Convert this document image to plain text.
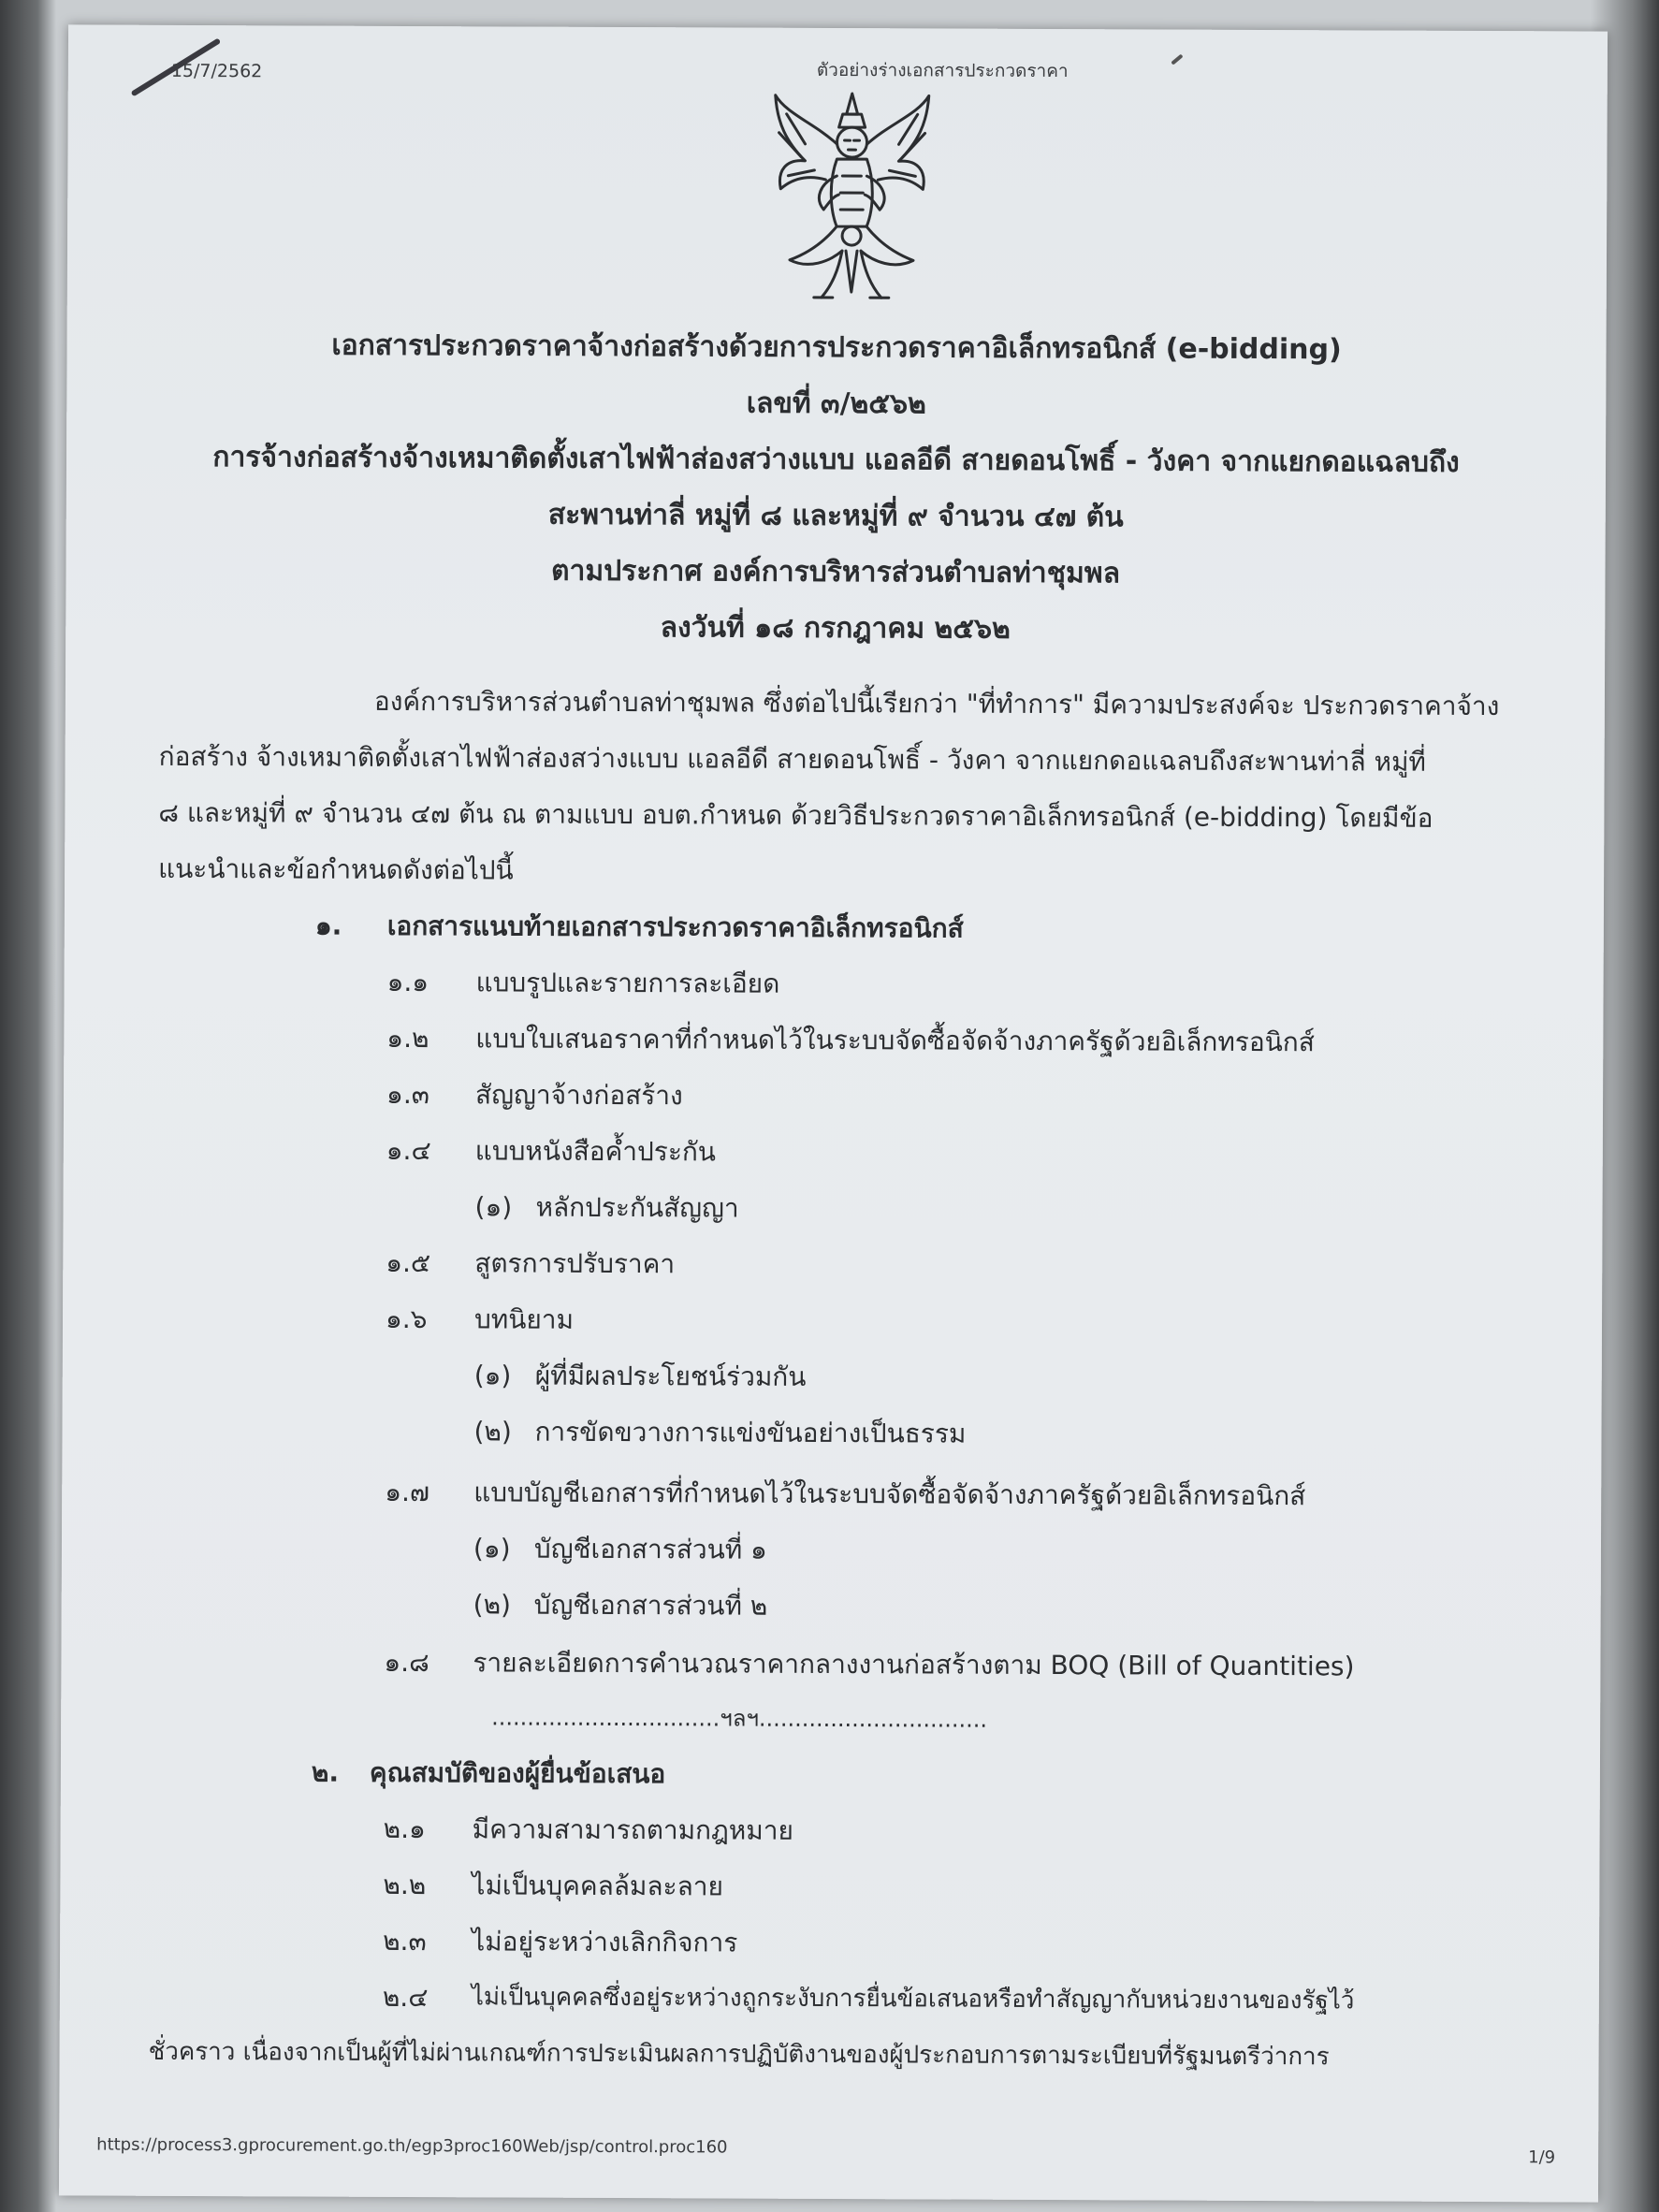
15/7/2562	ตัวอย่างร่างเอกสารประกวดราคา
เอกสารประกวดราคาจ้างก่อสร้างด้วยการประกวดราคาอิเล็กทรอนิกส์ (e-bidding)
เลขที่ ๓/๒๕๖๒
การจ้างก่อสร้างจ้างเหมาติดตั้งเสาไฟฟ้าส่องสว่างแบบ แอลอีดี สายดอนโพธิ์ - วังคา จากแยกดอแฉลบถึง
สะพานท่าลี่ หมู่ที่ ๘ และหมู่ที่ ๙ จำนวน ๔๗ ต้น
ตามประกาศ องค์การบริหารส่วนตำบลท่าชุมพล
ลงวันที่ ๑๘ กรกฎาคม ๒๕๖๒
องค์การบริหารส่วนตำบลท่าชุมพล ซึ่งต่อไปนี้เรียกว่า "ที่ทำการ" มีความประสงค์จะ ประกวดราคาจ้าง
ก่อสร้าง จ้างเหมาติดตั้งเสาไฟฟ้าส่องสว่างแบบ แอลอีดี สายดอนโพธิ์ - วังคา จากแยกดอแฉลบถึงสะพานท่าลี่ หมู่ที่
๘ และหมู่ที่ ๙ จำนวน ๔๗ ต้น ณ ตามแบบ อบต.กำหนด ด้วยวิธีประกวดราคาอิเล็กทรอนิกส์ (e-bidding) โดยมีข้อ
แนะนำและข้อกำหนดดังต่อไปนี้
๑. เอกสารแนบท้ายเอกสารประกวดราคาอิเล็กทรอนิกส์
๑.๑ แบบรูปและรายการละเอียด
๑.๒ แบบใบเสนอราคาที่กำหนดไว้ในระบบจัดซื้อจัดจ้างภาครัฐด้วยอิเล็กทรอนิกส์
๑.๓ สัญญาจ้างก่อสร้าง
๑.๔ แบบหนังสือค้ำประกัน
(๑) หลักประกันสัญญา
๑.๕ สูตรการปรับราคา
๑.๖ บทนิยาม
(๑) ผู้ที่มีผลประโยชน์ร่วมกัน
(๒) การขัดขวางการแข่งขันอย่างเป็นธรรม
๑.๗ แบบบัญชีเอกสารที่กำหนดไว้ในระบบจัดซื้อจัดจ้างภาครัฐด้วยอิเล็กทรอนิกส์
(๑) บัญชีเอกสารส่วนที่ ๑
(๒) บัญชีเอกสารส่วนที่ ๒
๑.๘ รายละเอียดการคำนวณราคากลางงานก่อสร้างตาม BOQ (Bill of Quantities)
................................ฯลฯ................................
๒. คุณสมบัติของผู้ยื่นข้อเสนอ
๒.๑ มีความสามารถตามกฎหมาย
๒.๒ ไม่เป็นบุคคลล้มละลาย
๒.๓ ไม่อยู่ระหว่างเลิกกิจการ
๒.๔ ไม่เป็นบุคคลซึ่งอยู่ระหว่างถูกระงับการยื่นข้อเสนอหรือทำสัญญากับหน่วยงานของรัฐไว้
ชั่วคราว เนื่องจากเป็นผู้ที่ไม่ผ่านเกณฑ์การประเมินผลการปฏิบัติงานของผู้ประกอบการตามระเบียบที่รัฐมนตรีว่าการ
https://process3.gprocurement.go.th/egp3proc160Web/jsp/control.proc160
1/9
